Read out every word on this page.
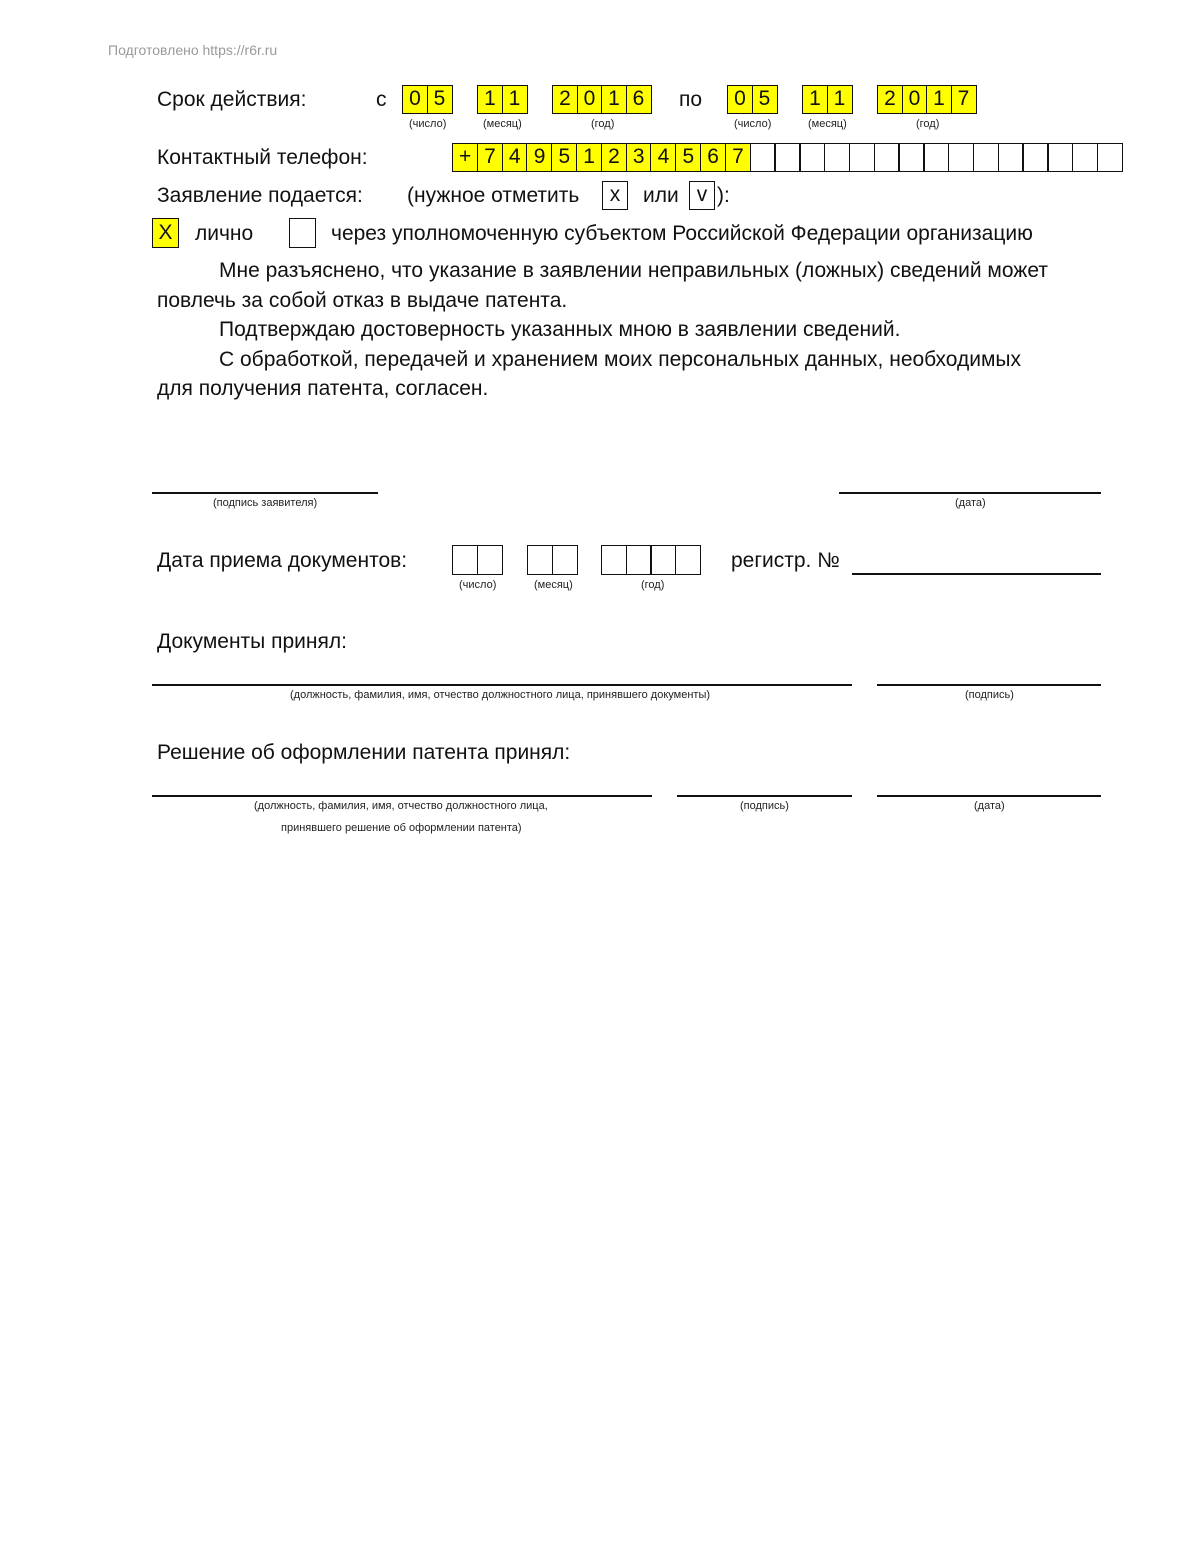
Подготовлено https://r6r.ru
Срок действия:	с	0 5	1 1	2 0 1 6	по	0 5	1 1	2 0 1 7
(число)	(месяц)	(год)	(число)	(месяц)	(год)
Контактный телефон:	+ 7 4 9 5 1 2 3 4 5 6 7
Заявление подается: (нужное отметить	х	или v ):
Х	лично	через уполномоченную субъектом Российской Федерации организацию
Мне разъяснено, что указание в заявлении неправильных (ложных) сведений может
повлечь за собой отказ в выдаче патента.
Подтверждаю достоверность указанных мною в заявлении сведений.
С обработкой, передачей и хранением моих персональных данных, необходимых
для получения патента, согласен.
(подпись заявителя)	(дата)
Дата приема документов:
(число)	(месяц)	(год)
регистр. №
Документы принял:
(должность, фамилия, имя, отчество должностного лица, принявшего документы)	(подпись)
Решение об оформлении патента принял:
(должность, фамилия, имя, отчество должностного лица,
принявшего решение об оформлении патента)
(подпись)	(дата)
